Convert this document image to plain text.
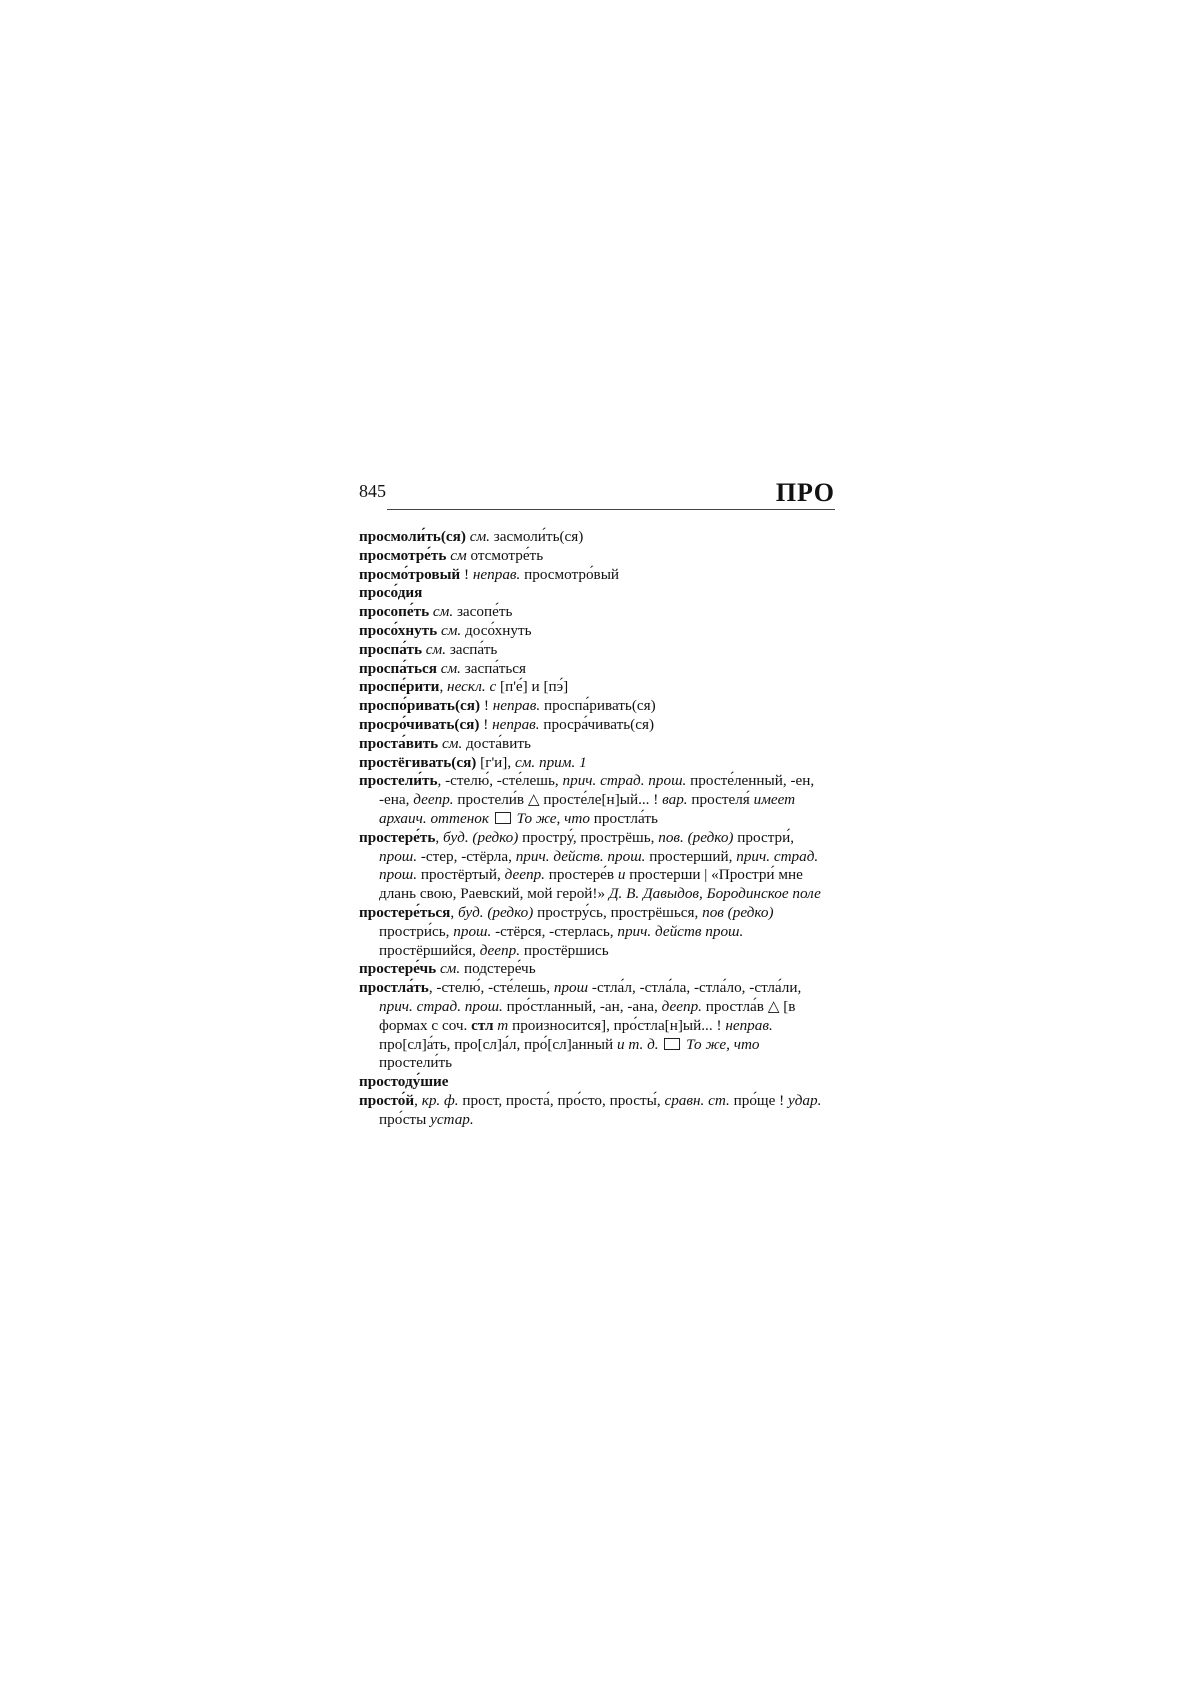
845	ПРО

просмоли́ть(ся) см. засмоли́ть(ся)

просмотре́ть см отсмотре́ть

просмо́тровый ! неправ. просмотро́вый

просо́дия

просопе́ть см. засопе́ть

просо́хнуть см. досо́хнуть

проспа́ть см. заспа́ть

проспа́ться см. заспа́ться

проспе́рити, нескл. с [п'е́] и [пэ́]

проспо́ривать(ся) ! неправ. проспа́ривать(ся)

просро́чивать(ся) ! неправ. просра́чивать(ся)

проста́вить см. доста́вить

простёгивать(ся) [г'и], см. прим. 1

простели́ть, -стелю́, -сте́лешь, прич. страд. прош. просте́ленный, -ен, -ена, деепр. простели́в △ просте́ле[н]ый... ! вар. простеля́ имеет архаич. оттенок То же, что простла́ть

простере́ть, буд. (редко) простру́, прострёшь, пов. (редко) простри́, прош. -стер, -стёрла, прич. действ. прош. простерший, прич. страд. прош. простёртый, деепр. простере́в и простерши | «Простри́ мне длань свою, Раевский, мой герой!» Д. В. Давыдов, Бородинское поле

простере́ться, буд. (редко) простру́сь, прострёшься, пов (редко) простри́сь, прош. -стёрся, -стерлась, прич. действ прош. простёршийся, деепр. простёршись

простере́чь см. подстере́чь

простла́ть, -стелю́, -сте́лешь, прош -стла́л, -стла́ла, -стла́ло, -стла́ли, прич. страд. прош. про́стланный, -ан, -ана, деепр. простла́в △ [в формах с соч. стл т произносится], про́стла[н]ый... ! неправ. про[сл]а́ть, про[сл]а́л, про́[сл]анный и т. д. То же, что простели́ть

простоду́шие

просто́й, кр. ф. прост, проста́, про́сто, просты́, сравн. ст. про́ще ! удар. про́сты устар.
